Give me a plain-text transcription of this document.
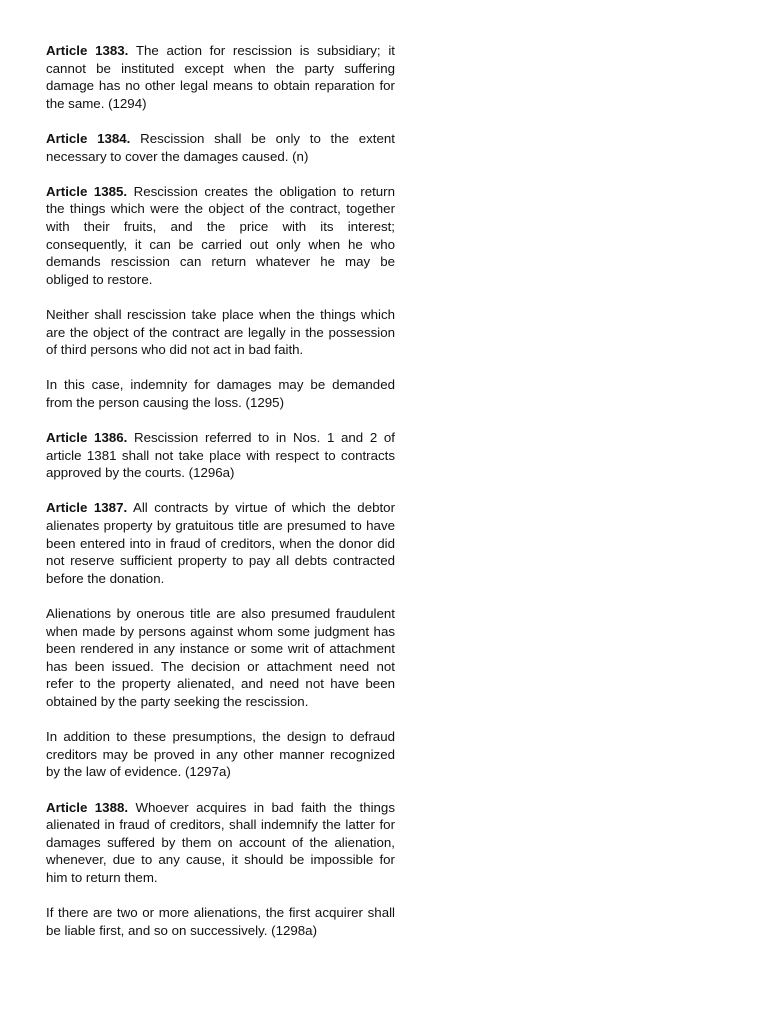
Article 1383. The action for rescission is subsidiary; it cannot be instituted except when the party suffering damage has no other legal means to obtain reparation for the same. (1294)

Article 1384. Rescission shall be only to the extent necessary to cover the damages caused. (n)

Article 1385. Rescission creates the obligation to return the things which were the object of the contract, together with their fruits, and the price with its interest; consequently, it can be carried out only when he who demands rescission can return whatever he may be obliged to restore.

Neither shall rescission take place when the things which are the object of the contract are legally in the possession of third persons who did not act in bad faith.

In this case, indemnity for damages may be demanded from the person causing the loss. (1295)

Article 1386. Rescission referred to in Nos. 1 and 2 of article 1381 shall not take place with respect to contracts approved by the courts. (1296a)

Article 1387. All contracts by virtue of which the debtor alienates property by gratuitous title are presumed to have been entered into in fraud of creditors, when the donor did not reserve sufficient property to pay all debts contracted before the donation.

Alienations by onerous title are also presumed fraudulent when made by persons against whom some judgment has been rendered in any instance or some writ of attachment has been issued. The decision or attachment need not refer to the property alienated, and need not have been obtained by the party seeking the rescission.

In addition to these presumptions, the design to defraud creditors may be proved in any other manner recognized by the law of evidence. (1297a)

Article 1388. Whoever acquires in bad faith the things alienated in fraud of creditors, shall indemnify the latter for damages suffered by them on account of the alienation, whenever, due to any cause, it should be impossible for him to return them.

If there are two or more alienations, the first acquirer shall be liable first, and so on successively. (1298a)
